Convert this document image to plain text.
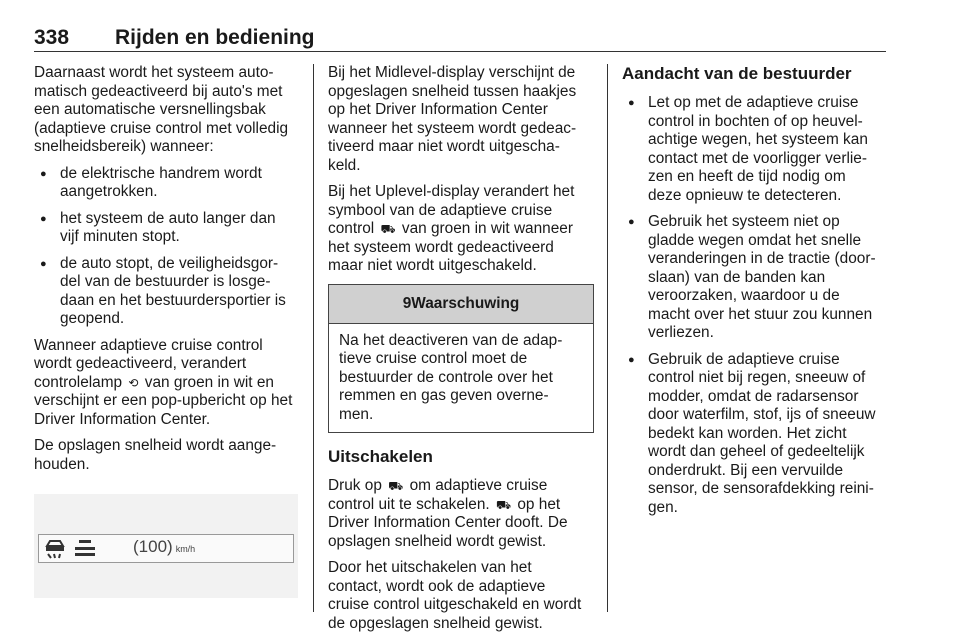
338 Rijden en bediening

Daarnaast wordt het systeem auto-
matisch gedeactiveerd bij auto's met
een automatische versnellingsbak
(adaptieve cruise control met volledig
snelheidsbereik) wanneer:

● de elektrische handrem wordt
aangetrokken.
● het systeem de auto langer dan
vijf minuten stopt.
● de auto stopt, de veiligheidsgor-
del van de bestuurder is losge-
daan en het bestuurdersportier is
geopend.

Wanneer adaptieve cruise control
wordt gedeactiveerd, verandert
controlelamp ⟲ van groen in wit en
verschijnt er een pop-upbericht op het
Driver Information Center.

De opslagen snelheid wordt aange-
houden.

(100) km/h

Bij het Midlevel-display verschijnt de
opgeslagen snelheid tussen haakjes
op het Driver Information Center
wanneer het systeem wordt gedeac-
tiveerd maar niet wordt uitgescha-
keld.

Bij het Uplevel-display verandert het
symbool van de adaptieve cruise
control ⛟ van groen in wit wanneer
het systeem wordt gedeactiveerd
maar niet wordt uitgeschakeld.

9Waarschuwing
Na het deactiveren van de adap-
tieve cruise control moet de
bestuurder de controle over het
remmen en gas geven overne-
men.
Uitschakelen

Druk op ⛟ om adaptieve cruise
control uit te schakelen. ⛟ op het
Driver Information Center dooft. De
opslagen snelheid wordt gewist.

Door het uitschakelen van het
contact, wordt ook de adaptieve
cruise control uitgeschakeld en wordt
de opgeslagen snelheid gewist.

Aandacht van de bestuurder
● Let op met de adaptieve cruise
control in bochten of op heuvel-
achtige wegen, het systeem kan
contact met de voorligger verlie-
zen en heeft de tijd nodig om
deze opnieuw te detecteren.
● Gebruik het systeem niet op
gladde wegen omdat het snelle
veranderingen in de tractie (door-
slaan) van de banden kan
veroorzaken, waardoor u de
macht over het stuur zou kunnen
verliezen.
● Gebruik de adaptieve cruise
control niet bij regen, sneeuw of
modder, omdat de radarsensor
door waterfilm, stof, ijs of sneeuw
bedekt kan worden. Het zicht
wordt dan geheel of gedeeltelijk
onderdrukt. Bij een vervuilde
sensor, de sensorafdekking reini-
gen.
